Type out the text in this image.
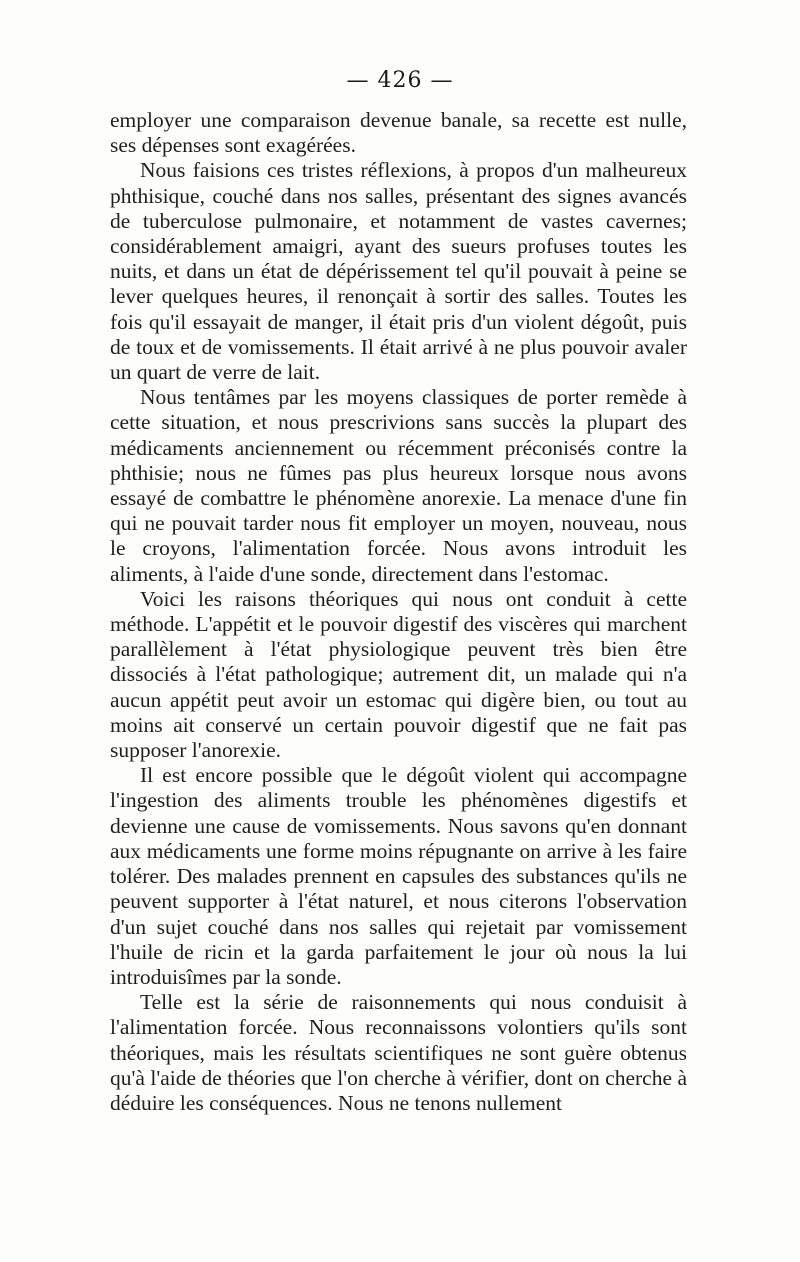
— 426 —

employer une comparaison devenue banale, sa recette est nulle, ses dépenses sont exagérées.

Nous faisions ces tristes réflexions, à propos d'un malheureux phthisique, couché dans nos salles, présentant des signes avancés de tuberculose pulmonaire, et notamment de vastes cavernes; considérablement amaigri, ayant des sueurs profuses toutes les nuits, et dans un état de dépérissement tel qu'il pouvait à peine se lever quelques heures, il renonçait à sortir des salles. Toutes les fois qu'il essayait de manger, il était pris d'un violent dégoût, puis de toux et de vomissements. Il était arrivé à ne plus pouvoir avaler un quart de verre de lait.

Nous tentâmes par les moyens classiques de porter remède à cette situation, et nous prescrivions sans succès la plupart des médicaments anciennement ou récemment préconisés contre la phthisie; nous ne fûmes pas plus heureux lorsque nous avons essayé de combattre le phénomène anorexie. La menace d'une fin qui ne pouvait tarder nous fit employer un moyen, nouveau, nous le croyons, l'alimentation forcée. Nous avons introduit les aliments, à l'aide d'une sonde, directement dans l'estomac.

Voici les raisons théoriques qui nous ont conduit à cette méthode. L'appétit et le pouvoir digestif des viscères qui marchent parallèlement à l'état physiologique peuvent très bien être dissociés à l'état pathologique; autrement dit, un malade qui n'a aucun appétit peut avoir un estomac qui digère bien, ou tout au moins ait conservé un certain pouvoir digestif que ne fait pas supposer l'anorexie.

Il est encore possible que le dégoût violent qui accompagne l'ingestion des aliments trouble les phénomènes digestifs et devienne une cause de vomissements. Nous savons qu'en donnant aux médicaments une forme moins répugnante on arrive à les faire tolérer. Des malades prennent en capsules des substances qu'ils ne peuvent supporter à l'état naturel, et nous citerons l'observation d'un sujet couché dans nos salles qui rejetait par vomissement l'huile de ricin et la garda parfaitement le jour où nous la lui introduisîmes par la sonde.

Telle est la série de raisonnements qui nous conduisit à l'alimentation forcée. Nous reconnaissons volontiers qu'ils sont théoriques, mais les résultats scientifiques ne sont guère obtenus qu'à l'aide de théories que l'on cherche à vérifier, dont on cherche à déduire les conséquences. Nous ne tenons nullement
